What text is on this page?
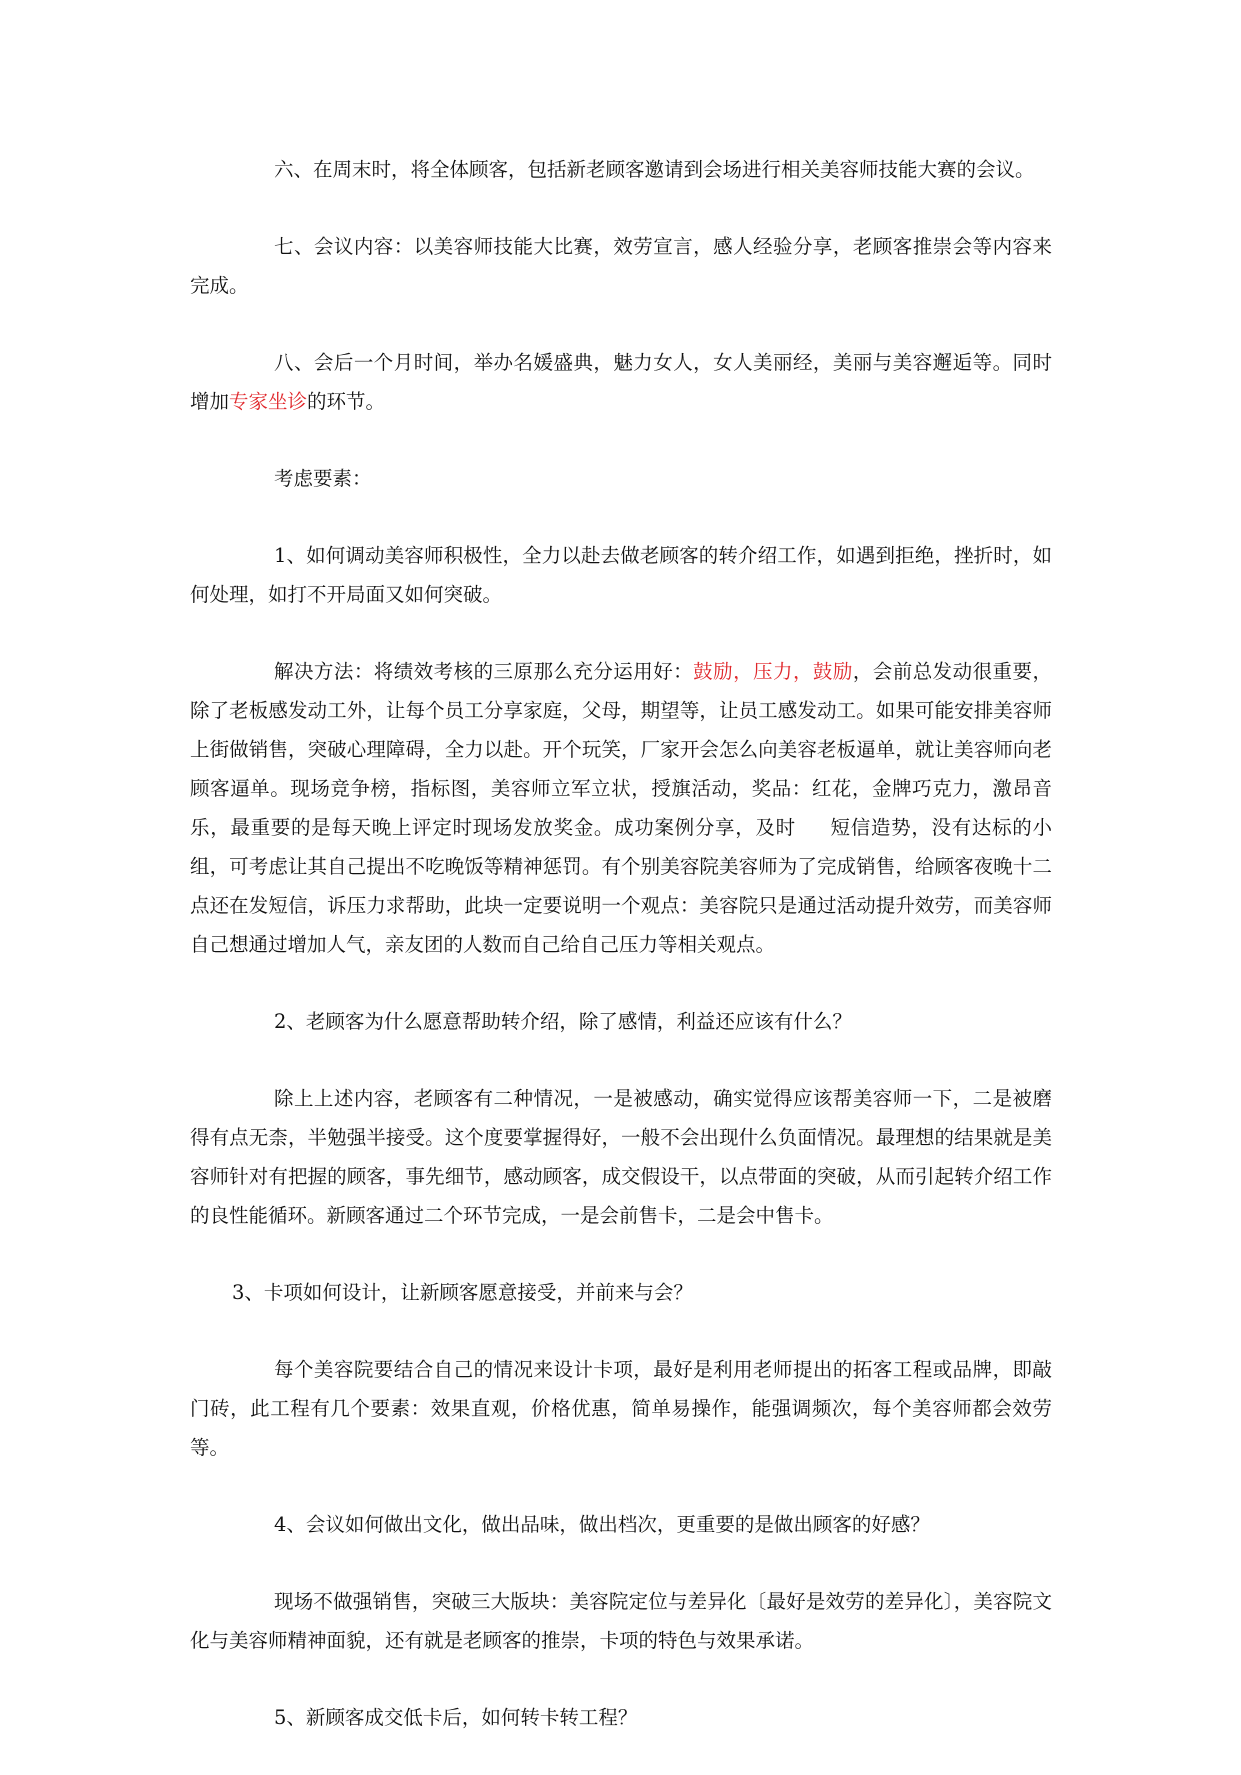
六、在周末时，将全体顾客，包括新老顾客邀请到会场进行相关美容师技能大赛的会议。

七、会议内容：以美容师技能大比赛，效劳宣言，感人经验分享，老顾客推崇会等内容来完成。

八、会后一个月时间，举办名媛盛典，魅力女人，女人美丽经，美丽与美容邂逅等。同时增加专家坐诊的环节。

考虑要素：

1、如何调动美容师积极性，全力以赴去做老顾客的转介绍工作，如遇到拒绝，挫折时，如何处理，如打不开局面又如何突破。

解决方法：将绩效考核的三原那么充分运用好：鼓励，压力，鼓励，会前总发动很重要，除了老板感发动工外，让每个员工分享家庭，父母，期望等，让员工感发动工。如果可能安排美容师上街做销售，突破心理障碍，全力以赴。开个玩笑，厂家开会怎么向美容老板逼单，就让美容师向老顾客逼单。现场竞争榜，指标图，美容师立军立状，授旗活动，奖品：红花，金牌巧克力，激昂音乐，最重要的是每天晚上评定时现场发放奖金。成功案例分享，及时 短信造势，没有达标的小组，可考虑让其自己提出不吃晚饭等精神惩罚。有个别美容院美容师为了完成销售，给顾客夜晚十二点还在发短信，诉压力求帮助，此块一定要说明一个观点：美容院只是通过活动提升效劳，而美容师自己想通过增加人气，亲友团的人数而自己给自己压力等相关观点。

2、老顾客为什么愿意帮助转介绍，除了感情，利益还应该有什么？

除上上述内容，老顾客有二种情况，一是被感动，确实觉得应该帮美容师一下，二是被磨得有点无柰，半勉强半接受。这个度要掌握得好，一般不会出现什么负面情况。最理想的结果就是美容师针对有把握的顾客，事先细节，感动顾客，成交假设干，以点带面的突破，从而引起转介绍工作的良性能循环。新顾客通过二个环节完成，一是会前售卡，二是会中售卡。

3、卡项如何设计，让新顾客愿意接受，并前来与会？

每个美容院要结合自己的情况来设计卡项，最好是利用老师提出的拓客工程或品牌，即敲门砖，此工程有几个要素：效果直观，价格优惠，简单易操作，能强调频次，每个美容师都会效劳等。

4、会议如何做出文化，做出品味，做出档次，更重要的是做出顾客的好感？

现场不做强销售，突破三大版块：美容院定位与差异化〔最好是效劳的差异化〕，美容院文化与美容师精神面貌，还有就是老顾客的推崇，卡项的特色与效果承诺。

5、新顾客成交低卡后，如何转卡转工程？
